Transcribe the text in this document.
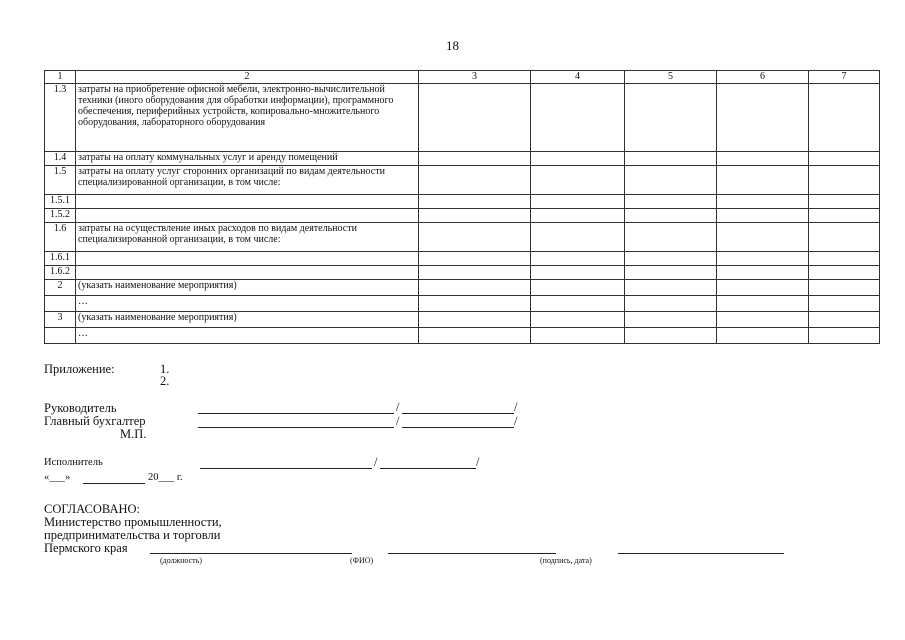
18
1	2	3	4	5	6	7
1.3	затраты на приобретение офисной мебели, электронно-вычислительной техники (иного оборудования для обработки информации), программного обеспечения, периферийных устройств, копировально-множительного оборудования, лабораторного оборудования					
1.4	затраты на оплату коммунальных услуг и аренду помещений					
1.5	затраты на оплату услуг сторонних организаций по видам деятельности специализированной организации, в том числе:					
1.5.1						
1.5.2						
1.6	затраты на осуществление иных расходов по видам деятельности специализированной организации, в том числе:					
1.6.1						
1.6.2						
2	(указать наименование мероприятия)					
	…					
3	(указать наименование мероприятия)					
	…					
Приложение:	1.
2.
Руководитель	/	/
Главный бухгалтер	/	/
М.П.
Исполнитель	/	/
«___»	20___ г.
СОГЛАСОВАНО:
Министерство промышленности,
предпринимательства и торговли
Пермского края
(должность)	(ФИО)	(подпись, дата)
